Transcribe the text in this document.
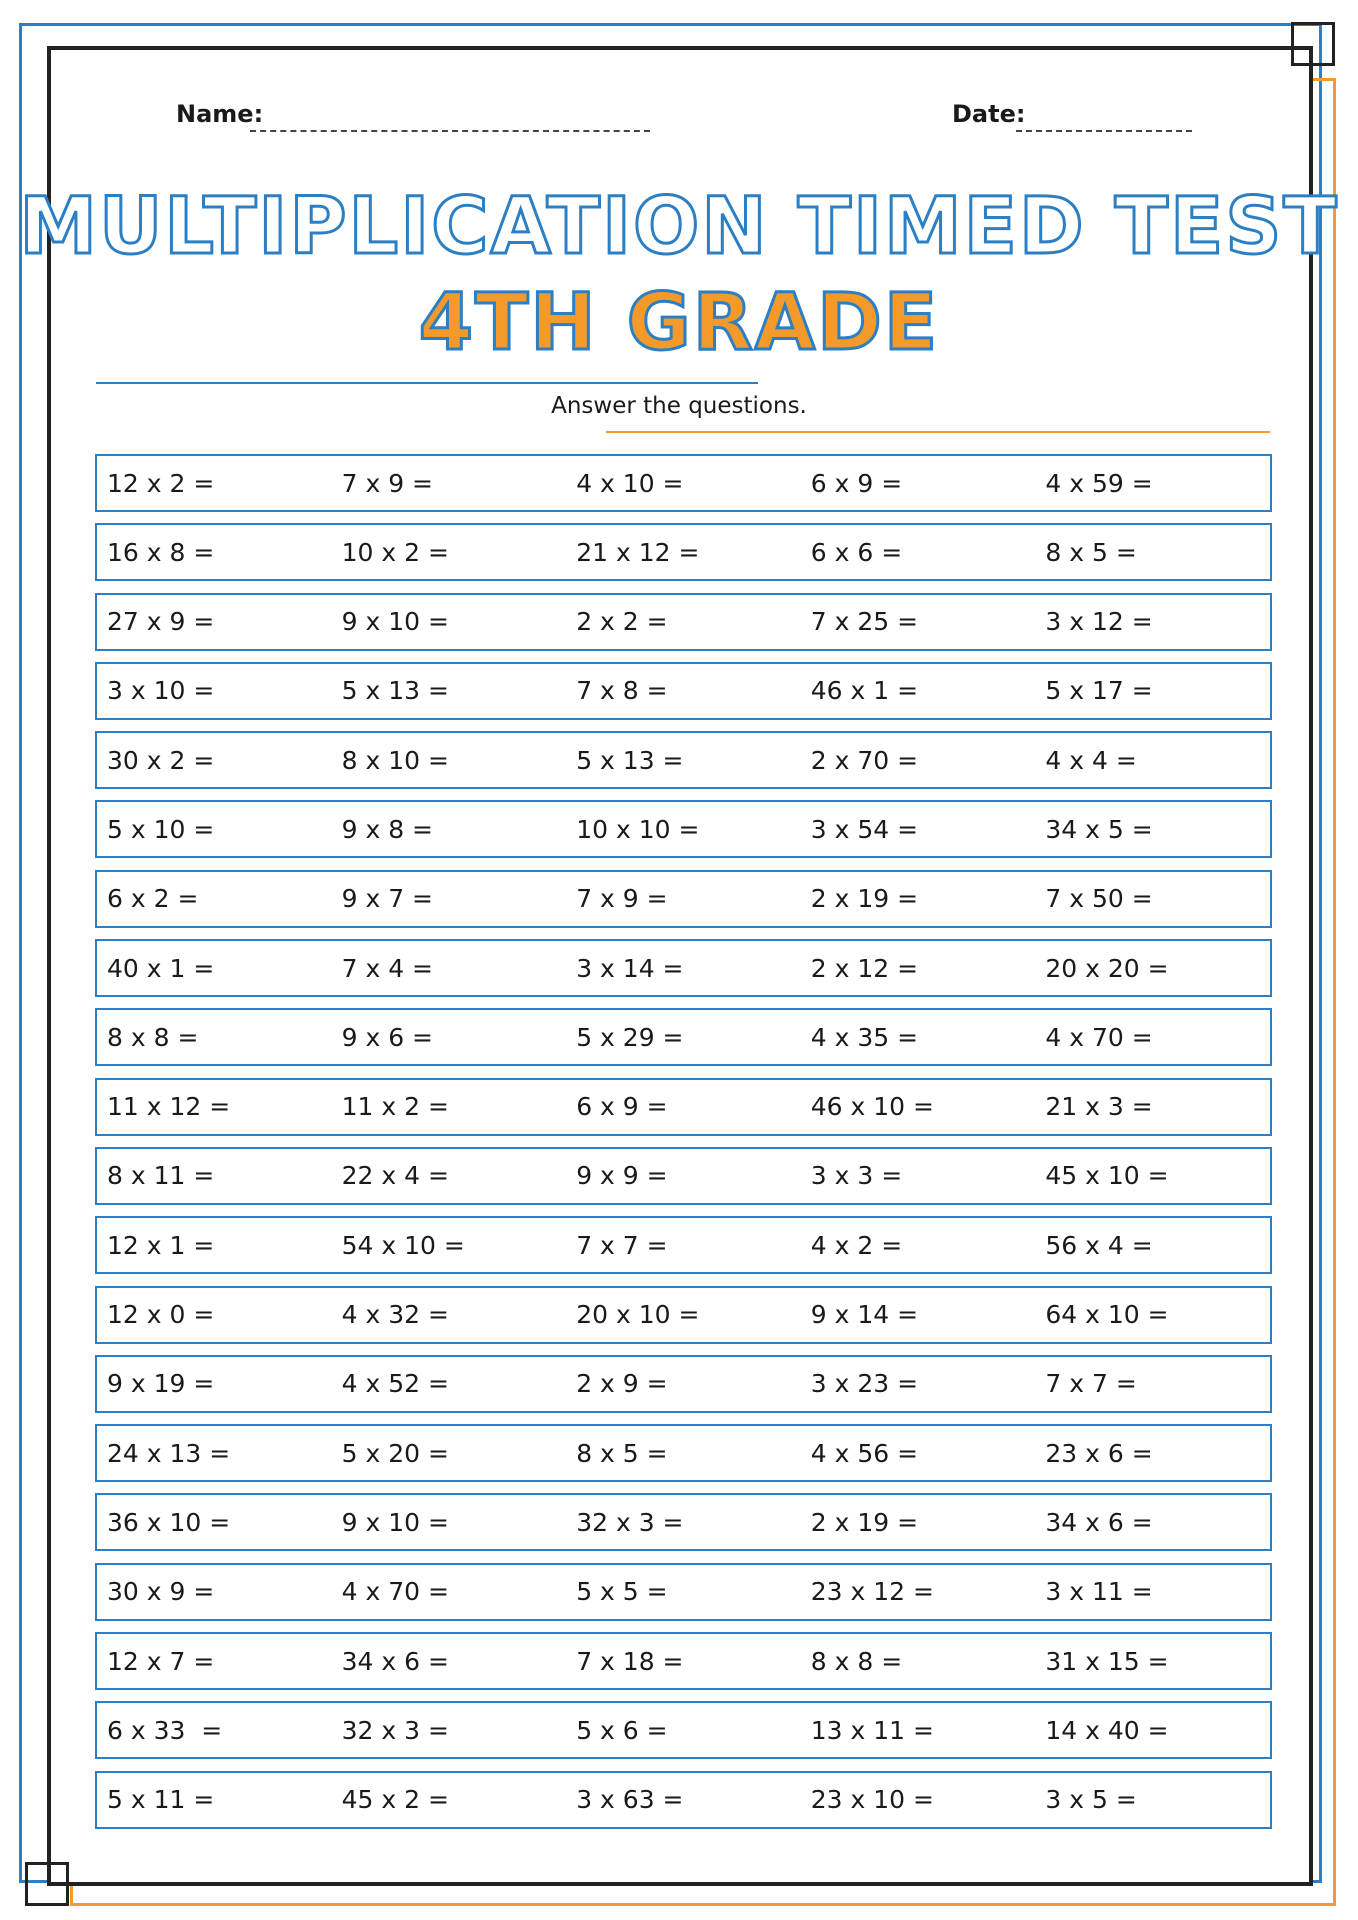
Name:	Date:
MULTIPLICATION TIMED TEST
4TH GRADE
Answer the questions.
12 x 2 =	7 x 9 =	4 x 10 =	6 x 9 =	4 x 59 =
16 x 8 =	10 x 2 =	21 x 12 =	6 x 6 =	8 x 5 =
27 x 9 =	9 x 10 =	2 x 2 =	7 x 25 =	3 x 12 =
3 x 10 =	5 x 13 =	7 x 8 =	46 x 1 =	5 x 17 =
30 x 2 =	8 x 10 =	5 x 13 =	2 x 70 =	4 x 4 =
5 x 10 =	9 x 8 =	10 x 10 =	3 x 54 =	34 x 5 =
6 x 2 =	9 x 7 =	7 x 9 =	2 x 19 =	7 x 50 =
40 x 1 =	7 x 4 =	3 x 14 =	2 x 12 =	20 x 20 =
8 x 8 =	9 x 6 =	5 x 29 =	4 x 35 =	4 x 70 =
11 x 12 =	11 x 2 =	6 x 9 =	46 x 10 =	21 x 3 =
8 x 11 =	22 x 4 =	9 x 9 =	3 x 3 =	45 x 10 =
12 x 1 =	54 x 10 =	7 x 7 =	4 x 2 =	56 x 4 =
12 x 0 =	4 x 32 =	20 x 10 =	9 x 14 =	64 x 10 =
9 x 19 =	4 x 52 =	2 x 9 =	3 x 23 =	7 x 7 =
24 x 13 =	5 x 20 =	8 x 5 =	4 x 56 =	23 x 6 =
36 x 10 =	9 x 10 =	32 x 3 =	2 x 19 =	34 x 6 =
30 x 9 =	4 x 70 =	5 x 5 =	23 x 12 =	3 x 11 =
12 x 7 =	34 x 6 =	7 x 18 =	8 x 8 =	31 x 15 =
6 x 33  =	32 x 3 =	5 x 6 =	13 x 11 =	14 x 40 =
5 x 11 =	45 x 2 =	3 x 63 =	23 x 10 =	3 x 5 =
